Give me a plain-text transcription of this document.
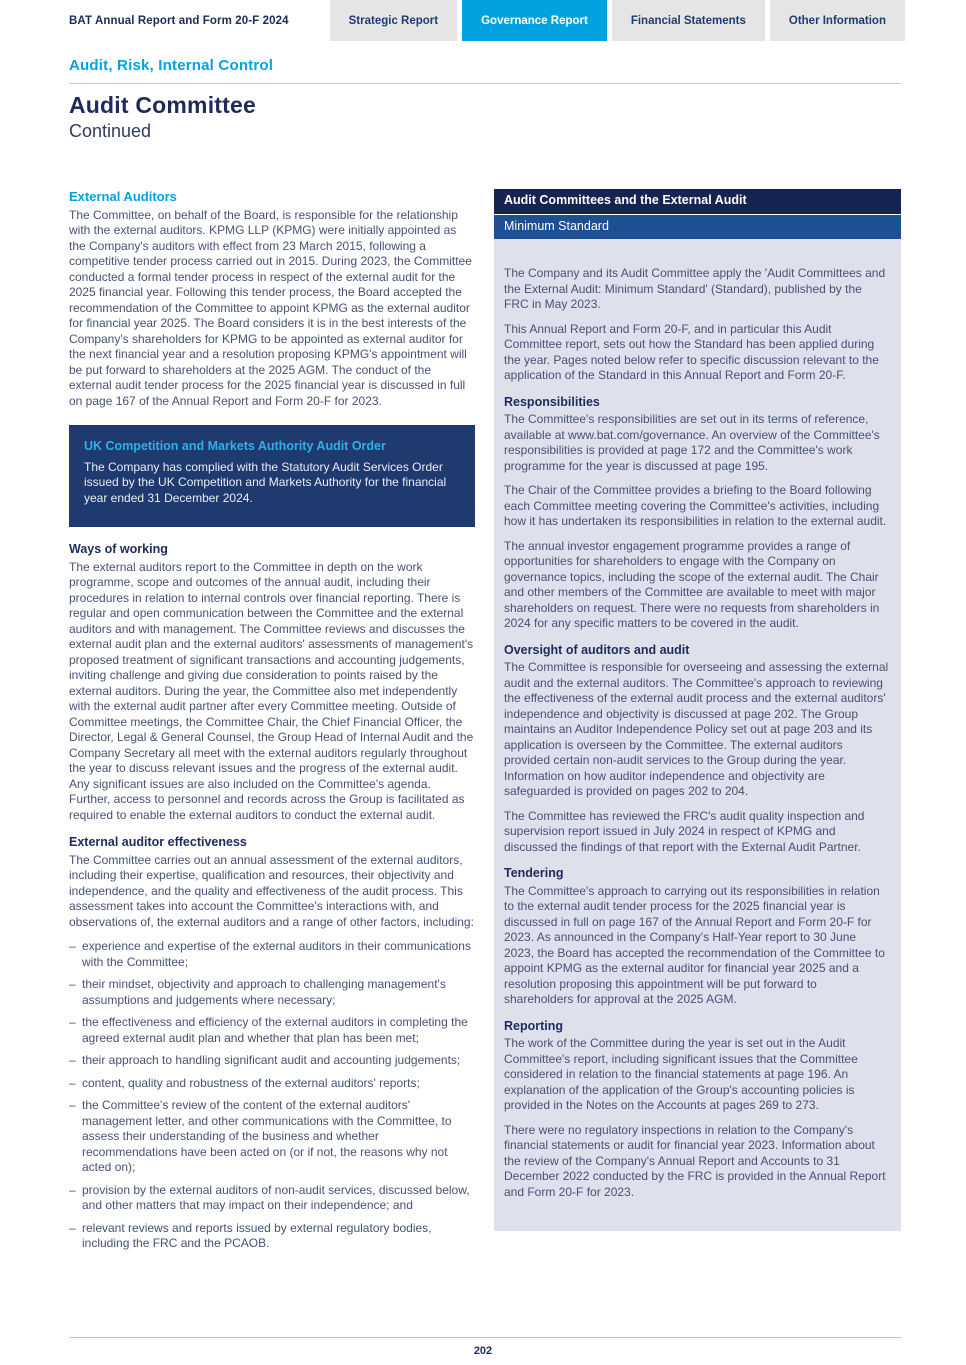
BAT Annual Report and Form 20-F 2024	Strategic Report	Governance Report	Financial Statements	Other Information
Audit, Risk, Internal Control
Audit Committee
Continued
External Auditors

The Committee, on behalf of the Board, is responsible for the relationship with the external auditors. KPMG LLP (KPMG) were initially appointed as the Company's auditors with effect from 23 March 2015, following a competitive tender process carried out in 2015. During 2023, the Committee conducted a formal tender process in respect of the external audit for the 2025 financial year. Following this tender process, the Board accepted the recommendation of the Committee to appoint KPMG as the external auditor for financial year 2025. The Board considers it is in the best interests of the Company's shareholders for KPMG to be appointed as external auditor for the next financial year and a resolution proposing KPMG's appointment will be put forward to shareholders at the 2025 AGM. The conduct of the external audit tender process for the 2025 financial year is discussed in full on page 167 of the Annual Report and Form 20-F for 2023.

UK Competition and Markets Authority Audit Order

The Company has complied with the Statutory Audit Services Order issued by the UK Competition and Markets Authority for the financial year ended 31 December 2024.

Ways of working

The external auditors report to the Committee in depth on the work programme, scope and outcomes of the annual audit, including their procedures in relation to internal controls over financial reporting. There is regular and open communication between the Committee and the external auditors and with management. The Committee reviews and discusses the external audit plan and the external auditors' assessments of management's proposed treatment of significant transactions and accounting judgements, inviting challenge and giving due consideration to points raised by the external auditors. During the year, the Committee also met independently with the external audit partner after every Committee meeting. Outside of Committee meetings, the Committee Chair, the Chief Financial Officer, the Director, Legal & General Counsel, the Group Head of Internal Audit and the Company Secretary all meet with the external auditors regularly throughout the year to discuss relevant issues and the progress of the external audit. Any significant issues are also included on the Committee's agenda. Further, access to personnel and records across the Group is facilitated as required to enable the external auditors to conduct the external audit.

External auditor effectiveness

The Committee carries out an annual assessment of the external auditors, including their expertise, qualification and resources, their objectivity and independence, and the quality and effectiveness of the audit process. This assessment takes into account the Committee's interactions with, and observations of, the external auditors and a range of other factors, including:

– experience and expertise of the external auditors in their communications with the Committee;
– their mindset, objectivity and approach to challenging management's assumptions and judgements where necessary;
– the effectiveness and efficiency of the external auditors in completing the agreed external audit plan and whether that plan has been met;
– their approach to handling significant audit and accounting judgements;
– content, quality and robustness of the external auditors' reports;
– the Committee's review of the content of the external auditors' management letter, and other communications with the Committee, to assess their understanding of the business and whether recommendations have been acted on (or if not, the reasons why not acted on);
– provision by the external auditors of non-audit services, discussed below, and other matters that may impact on their independence; and
– relevant reviews and reports issued by external regulatory bodies, including the FRC and the PCAOB.
Audit Committees and the External Audit
Minimum Standard

The Company and its Audit Committee apply the 'Audit Committees and the External Audit: Minimum Standard' (Standard), published by the FRC in May 2023.

This Annual Report and Form 20-F, and in particular this Audit Committee report, sets out how the Standard has been applied during the year. Pages noted below refer to specific discussion relevant to the application of the Standard in this Annual Report and Form 20-F.

Responsibilities

The Committee's responsibilities are set out in its terms of reference, available at www.bat.com/governance. An overview of the Committee's responsibilities is provided at page 172 and the Committee's work programme for the year is discussed at page 195.

The Chair of the Committee provides a briefing to the Board following each Committee meeting covering the Committee's activities, including how it has undertaken its responsibilities in relation to the external audit.

The annual investor engagement programme provides a range of opportunities for shareholders to engage with the Company on governance topics, including the scope of the external audit. The Chair and other members of the Committee are available to meet with major shareholders on request. There were no requests from shareholders in 2024 for any specific matters to be covered in the audit.

Oversight of auditors and audit

The Committee is responsible for overseeing and assessing the external audit and the external auditors. The Committee's approach to reviewing the effectiveness of the external audit process and the external auditors' independence and objectivity is discussed at page 202. The Group maintains an Auditor Independence Policy set out at page 203 and its application is overseen by the Committee. The external auditors provided certain non-audit services to the Group during the year. Information on how auditor independence and objectivity are safeguarded is provided on pages 202 to 204.

The Committee has reviewed the FRC's audit quality inspection and supervision report issued in July 2024 in respect of KPMG and discussed the findings of that report with the External Audit Partner.

Tendering

The Committee's approach to carrying out its responsibilities in relation to the external audit tender process for the 2025 financial year is discussed in full on page 167 of the Annual Report and Form 20-F for 2023. As announced in the Company's Half-Year report to 30 June 2023, the Board has accepted the recommendation of the Committee to appoint KPMG as the external auditor for financial year 2025 and a resolution proposing this appointment will be put forward to shareholders for approval at the 2025 AGM.

Reporting

The work of the Committee during the year is set out in the Audit Committee's report, including significant issues that the Committee considered in relation to the financial statements at page 196. An explanation of the application of the Group's accounting policies is provided in the Notes on the Accounts at pages 269 to 273.

There were no regulatory inspections in relation to the Company's financial statements or audit for financial year 2023. Information about the review of the Company's Annual Report and Accounts to 31 December 2022 conducted by the FRC is provided in the Annual Report and Form 20-F for 2023.

202
